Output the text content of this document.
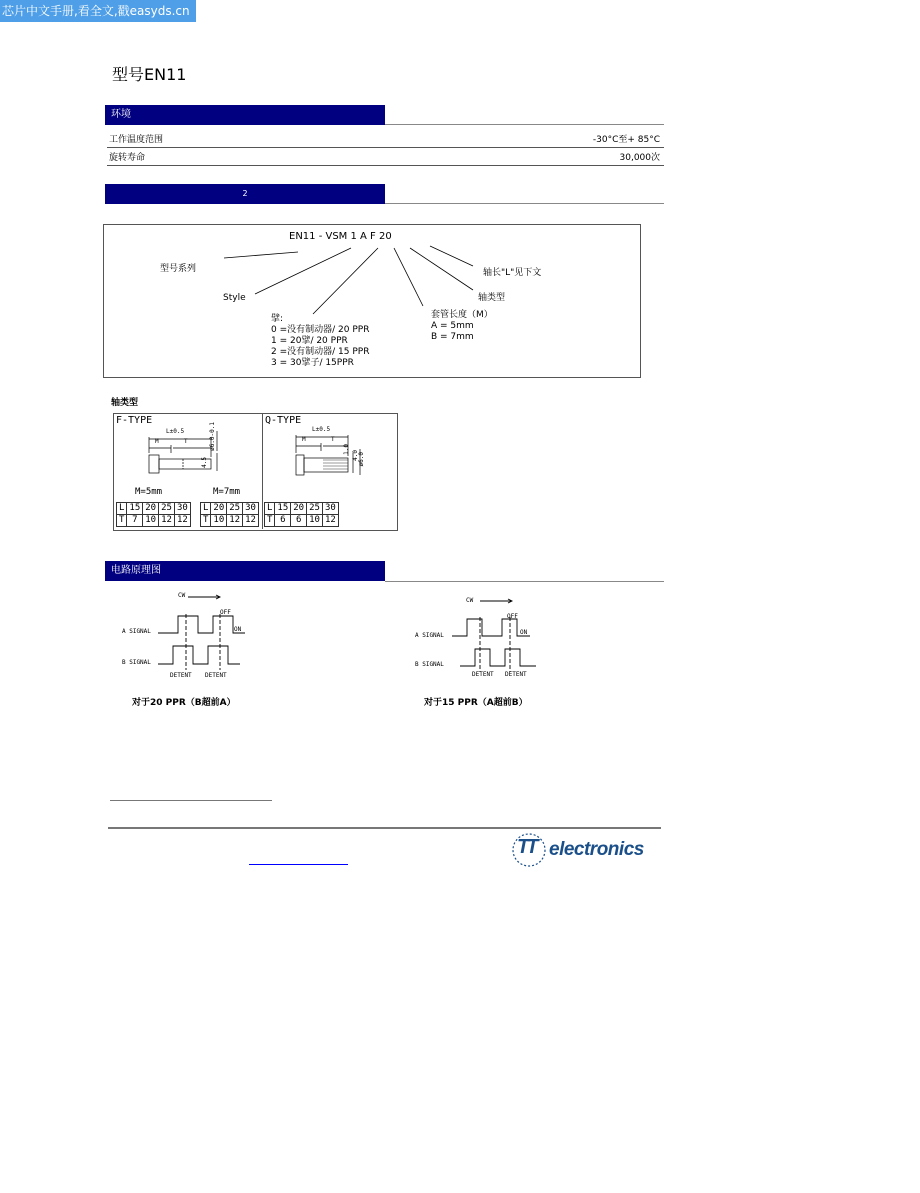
芯片中文手册,看全文,戳easyds.cn
型号EN11
环境
工作温度范围	-30°C至+ 85°C
旋转寿命	30,000次
2
EN11 - VSM 1 A F 20
型号系列
Style
擘:
0 =没有制动器/ 20 PPR
1 = 20擘/ 20 PPR
2 =没有制动器/ 15 PPR
3 = 30擘子/ 15PPR
套管长度（M）
A = 5mm
B = 7mm
轴类型
轴长"L"见下文
轴类型
F-TYPE	Q-TYPE
L±0.5
M	T	ø6.0-0.1
4.5
L±0.5
M	T
1.0
4.0 ø6.0
M=5mm	M=7mm
L	15	20	25	30
T	7	10	12	12
L	20	25	30
T	10	12	12
L	15	20	25	30
T	6	6	10	12
电路原理图
CW
A SIGNAL
B SIGNAL
OFF
ON
DETENT DETENT
对于20 PPR（B超前A）
CW
A SIGNAL
B SIGNAL
OFF
ON
DETENT DETENT
对于15 PPR（A超前B）
TT electronics
